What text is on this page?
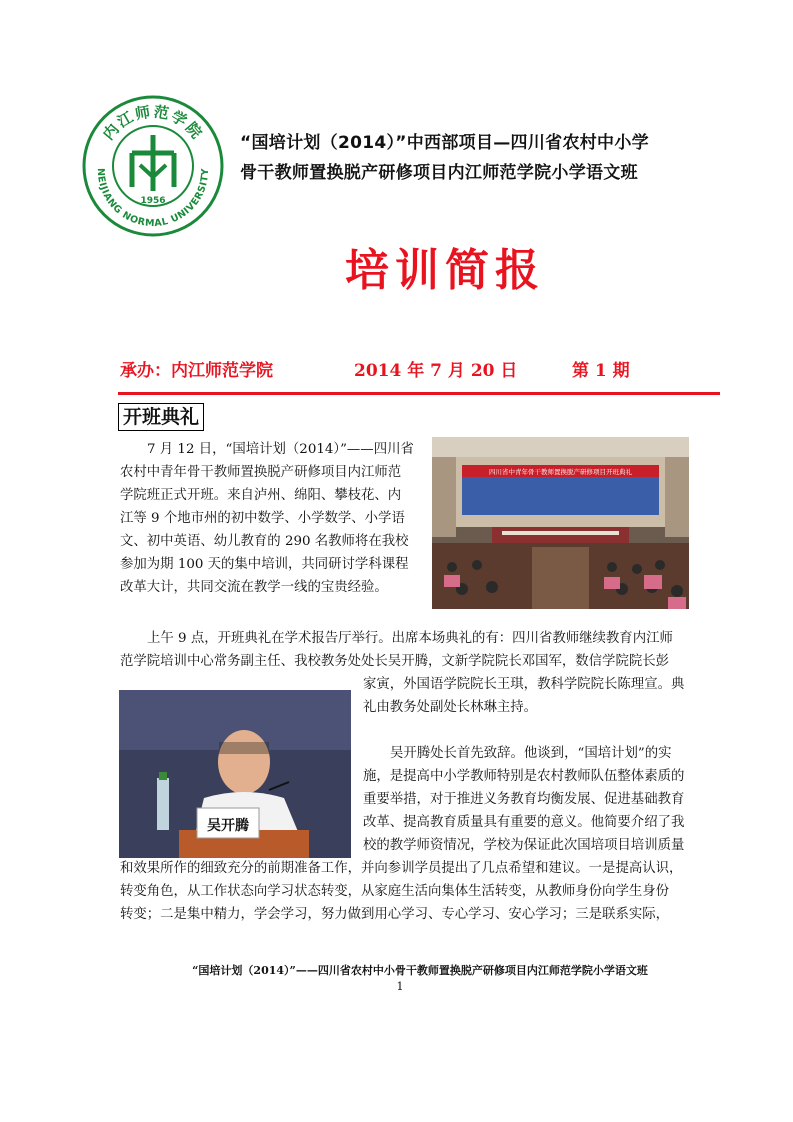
内江师范学院
NEIJIANG NORMAL UNIVERSITY
1956
“国培计划（2014）”中西部项目—四川省农村中小学
骨干教师置换脱产研修项目内江师范学院小学语文班
培训简报
承办：内江师范学院	2014 年 7 月 20 日	第 1 期
开班典礼

7 月 12 日，“国培计划（2014）”——四川省

农村中青年骨干教师置换脱产研修项目内江师范

学院班正式开班。来自泸州、绵阳、攀枝花、内

江等 9 个地市州的初中数学、小学数学、小学语

文、初中英语、幼儿教育的 290 名教师将在我校

参加为期 100 天的集中培训，共同研讨学科课程

改革大计，共同交流在教学一线的宝贵经验。

四川省中青年骨干教师置换脱产研修项目开班典礼

上午 9 点，开班典礼在学术报告厅举行。出席本场典礼的有：四川省教师继续教育内江师

范学院培训中心常务副主任、我校教务处处长吴开腾，文新学院院长邓国军，数信学院院长彭

吴开腾

家寅，外国语学院院长王琪，教科学院院长陈理宣。典

礼由教务处副处长林琳主持。

吴开腾处长首先致辞。他谈到，“国培计划”的实

施，是提高中小学教师特别是农村教师队伍整体素质的

重要举措，对于推进义务教育均衡发展、促进基础教育

改革、提高教育质量具有重要的意义。他简要介绍了我

校的教学师资情况，学校为保证此次国培项目培训质量

和效果所作的细致充分的前期准备工作，并向参训学员提出了几点希望和建议。一是提高认识，

转变角色，从工作状态向学习状态转变，从家庭生活向集体生活转变，从教师身份向学生身份

转变；二是集中精力，学会学习，努力做到用心学习、专心学习、安心学习；三是联系实际，

“国培计划（2014）”——四川省农村中小骨干教师置换脱产研修项目内江师范学院小学语文班
1
